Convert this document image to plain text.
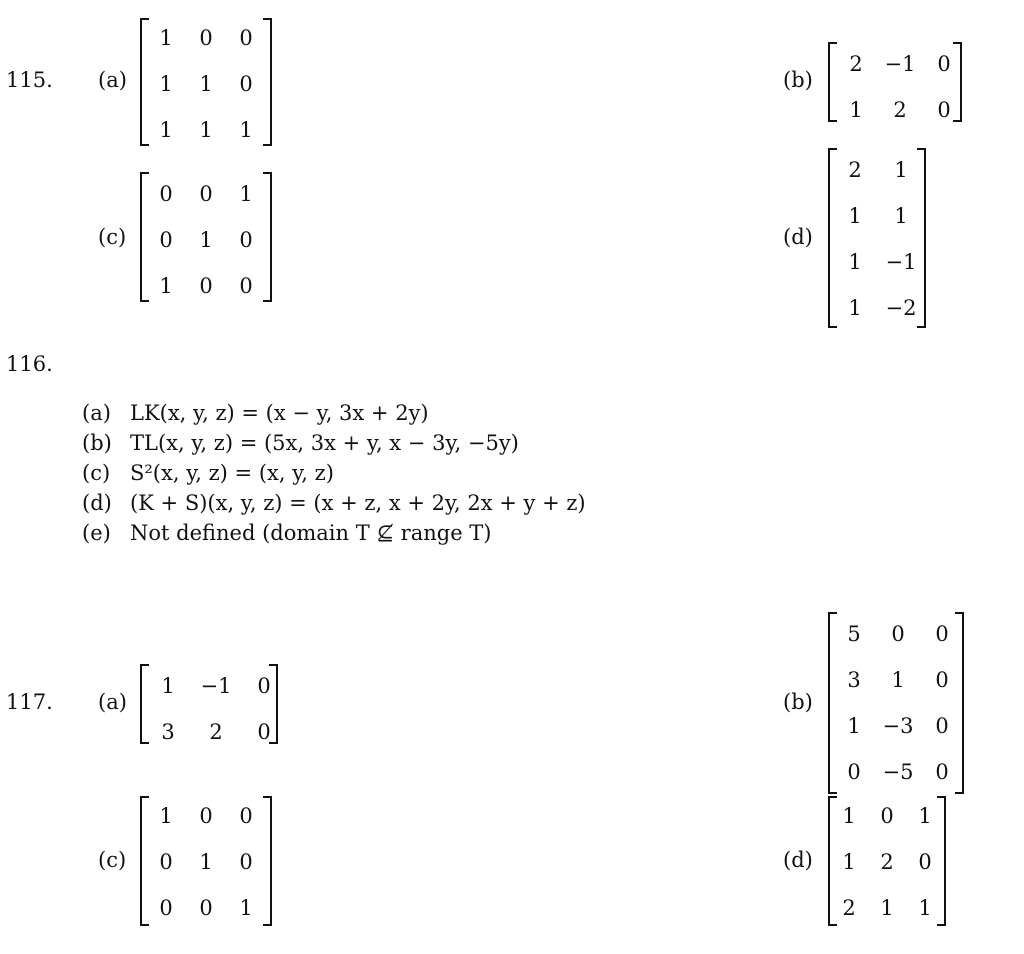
115. (a)
1	0	0
1	1	0
1	1	1
(b)
2	−1	0
1	2	0
(c)
0	0	1
0	1	0
1	0	0
(d)
2	1
1	1
1	−1
1	−2
116.
(a) LK(x, y, z) = (x − y, 3x + 2y)
(b) TL(x, y, z) = (5x, 3x + y, x − 3y, −5y)
(c) S²(x, y, z) = (x, y, z)
(d) (K + S)(x, y, z) = (x + z, x + 2y, 2x + y + z)
(e) Not defined (domain T ⊈ range T)
117. (a)
1	−1	0
3	2	0
(b)
5	0	0
3	1	0
1	−3	0
0	−5	0
(c)
1	0	0
0	1	0
0	0	1
(d)
1	0	1
1	2	0
2	1	1
